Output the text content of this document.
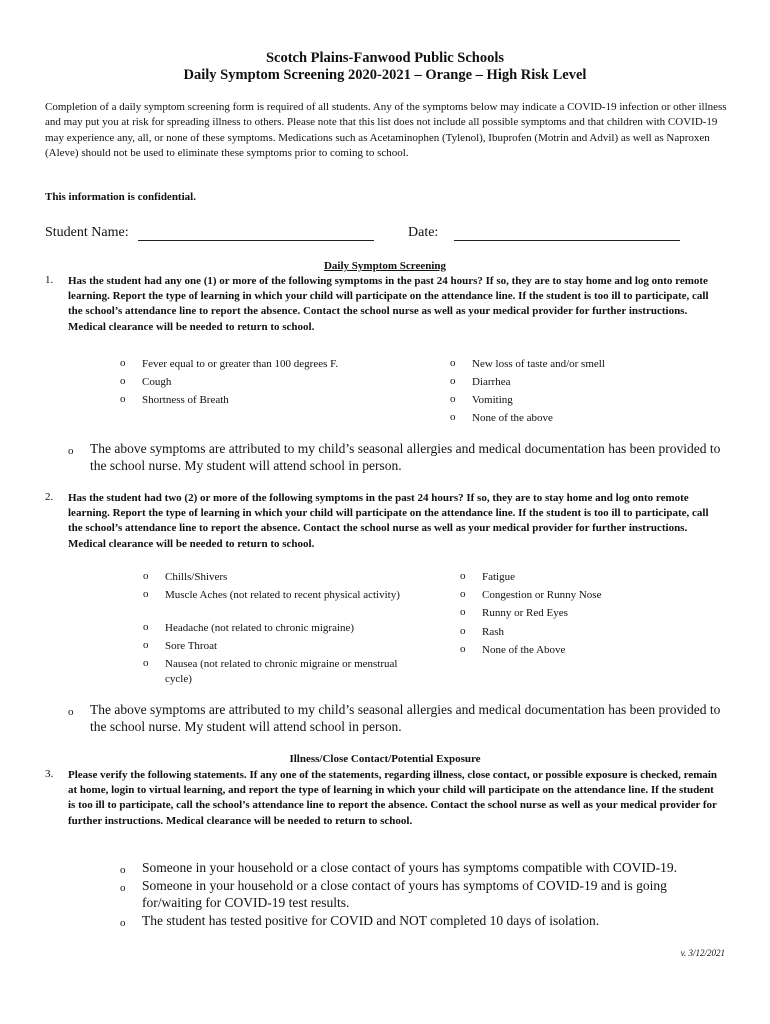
Scotch Plains-Fanwood Public Schools
Daily Symptom Screening 2020-2021 – Orange – High Risk Level
Completion of a daily symptom screening form is required of all students. Any of the symptoms below may indicate a COVID-19 infection or other illness and may put you at risk for spreading illness to others. Please note that this list does not include all possible symptoms and that children with COVID-19 may experience any, all, or none of these symptoms. Medications such as Acetaminophen (Tylenol), Ibuprofen (Motrin and Advil) as well as Naproxen (Aleve) should not be used to eliminate these symptoms prior to coming to school.
This information is confidential.
Student Name:	Date:
Daily Symptom Screening
1. Has the student had any one (1) or more of the following symptoms in the past 24 hours? If so, they are to stay home and log onto remote learning. Report the type of learning in which your child will participate on the attendance line. If the student is too ill to participate, call the school’s attendance line to report the absence. Contact the school nurse as well as your medical provider for further instructions. Medical clearance will be needed to return to school.
o Fever equal to or greater than 100 degrees F.
o Cough
o Shortness of Breath
o New loss of taste and/or smell
o Diarrhea
o Vomiting
o None of the above
o The above symptoms are attributed to my child’s seasonal allergies and medical documentation has been provided to the school nurse. My student will attend school in person.
2. Has the student had two (2) or more of the following symptoms in the past 24 hours? If so, they are to stay home and log onto remote learning. Report the type of learning in which your child will participate on the attendance line. If the student is too ill to participate, call the school’s attendance line to report the absence. Contact the school nurse as well as your medical provider for further instructions. Medical clearance will be needed to return to school.
o Chills/Shivers
o Muscle Aches (not related to recent physical activity)
o Headache (not related to chronic migraine)
o Sore Throat
o Nausea (not related to chronic migraine or menstrual cycle)
o Fatigue
o Congestion or Runny Nose
o Runny or Red Eyes
o Rash
o None of the Above
o The above symptoms are attributed to my child’s seasonal allergies and medical documentation has been provided to the school nurse. My student will attend school in person.
Illness/Close Contact/Potential Exposure
3. Please verify the following statements. If any one of the statements, regarding illness, close contact, or possible exposure is checked, remain at home, login to virtual learning, and report the type of learning in which your child will participate on the attendance line. If the student is too ill to participate, call the school’s attendance line to report the absence. Contact the school nurse as well as your medical provider for further instructions. Medical clearance will be needed to return to school.
o Someone in your household or a close contact of yours has symptoms compatible with COVID-19.
o Someone in your household or a close contact of yours has symptoms of COVID-19 and is going for/waiting for COVID-19 test results.
o The student has tested positive for COVID and NOT completed 10 days of isolation.
v. 3/12/2021
